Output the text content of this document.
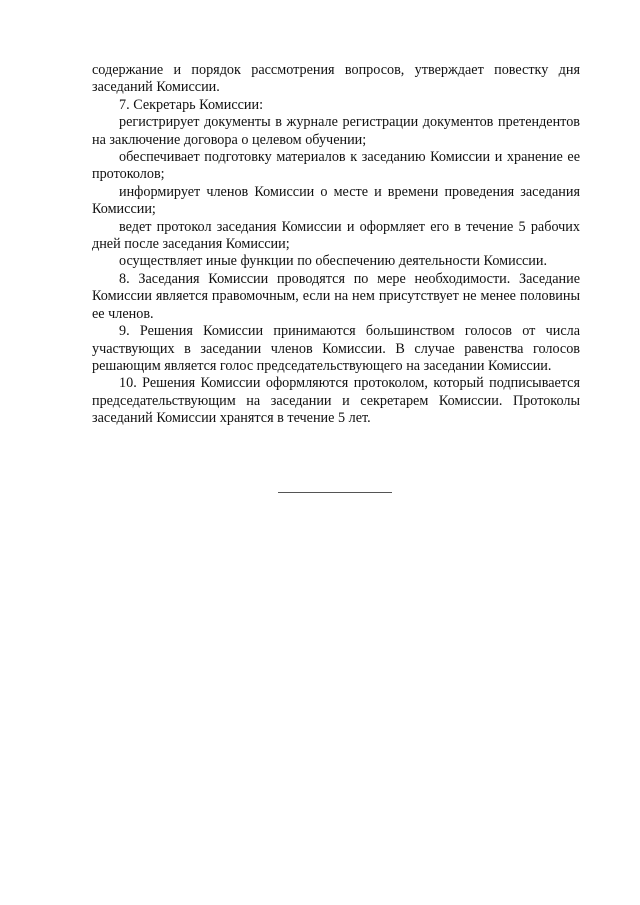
содержание и порядок рассмотрения вопросов, утверждает повестку дня заседаний Комиссии.

7. Секретарь Комиссии:

регистрирует документы в журнале регистрации документов претендентов на заключение договора о целевом обучении;

обеспечивает подготовку материалов к заседанию Комиссии и хранение ее протоколов;

информирует членов Комиссии о месте и времени проведения заседания Комиссии;

ведет протокол заседания Комиссии и оформляет его в течение 5 рабочих дней после заседания Комиссии;

осуществляет иные функции по обеспечению деятельности Комиссии.

8. Заседания Комиссии проводятся по мере необходимости. Заседание Комиссии является правомочным, если на нем присутствует не менее половины ее членов.

9. Решения Комиссии принимаются большинством голосов от числа участвующих в заседании членов Комиссии. В случае равенства голосов решающим является голос председательствующего на заседании Комиссии.

10. Решения Комиссии оформляются протоколом, который подписывается председательствующим на заседании и секретарем Комиссии. Протоколы заседаний Комиссии хранятся в течение 5 лет.
